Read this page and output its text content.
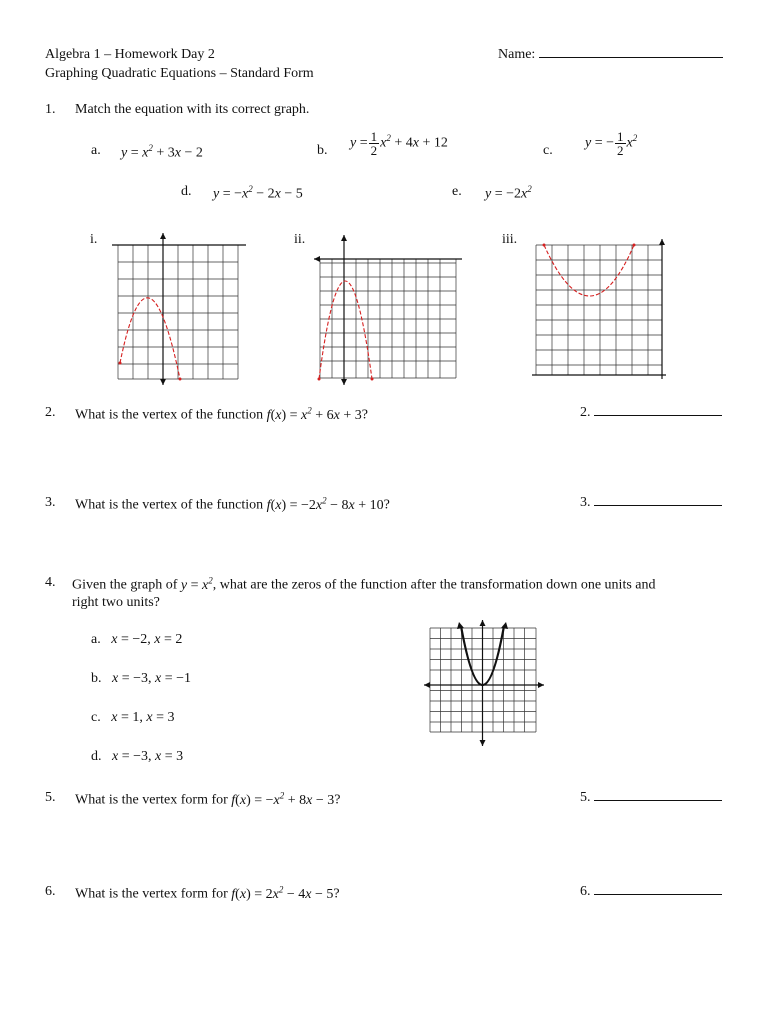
Algebra 1 – Homework Day 2
Graphing Quadratic Equations – Standard Form
Name:
1. Match the equation with its correct graph.
a. $y = x^2 + 3x - 2$	b. $y = \frac{1}{2} x^2 + 4x + 12$	c. y = − $\frac{1}{2} x^2$
d. $y = -x^2 - 2x - 5$	e. $y = -2x^2$
i.	ii.	iii.
2. What is the vertex of the function $f(x) = x^2 + 6x + 3$?	2.
3. What is the vertex of the function $f(x) = -2x^2 - 8x + 10$?	3.
4. Given the graph of $y = x^2$, what are the zeros of the function after the transformation down one units and
right two units?
a. x = −2, x = 2
b. x = −3, x = −1
c. x = 1, x = 3
d. x = −3, x = 3
5. What is the vertex form for $f(x) = -x^2 + 8x - 3$?	5.
6. What is the vertex form for $f(x) = 2x^2 - 4x - 5$?	6.
